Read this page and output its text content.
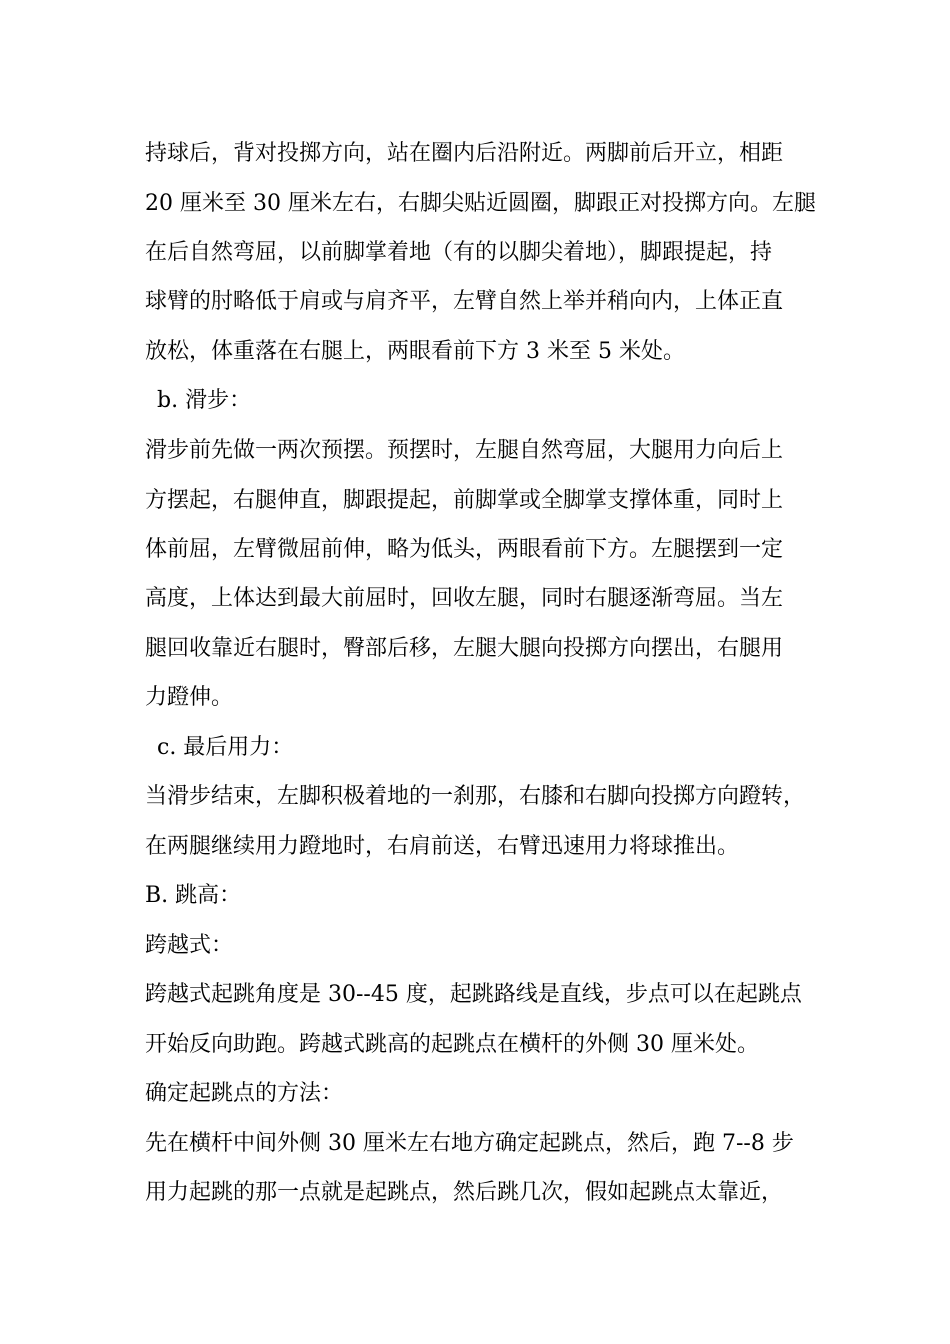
持球后，背对投掷方向，站在圈内后沿附近。两脚前后开立，相距
20 厘米至 30 厘米左右，右脚尖贴近圆圈，脚跟正对投掷方向。左腿
在后自然弯屈，以前脚掌着地（有的以脚尖着地），脚跟提起，持
球臂的肘略低于肩或与肩齐平，左臂自然上举并稍向内，上体正直
放松，体重落在右腿上，两眼看前下方 3 米至 5 米处。
b. 滑步：
滑步前先做一两次预摆。预摆时，左腿自然弯屈，大腿用力向后上
方摆起，右腿伸直，脚跟提起，前脚掌或全脚掌支撑体重，同时上
体前屈，左臂微屈前伸，略为低头，两眼看前下方。左腿摆到一定
高度，上体达到最大前屈时，回收左腿，同时右腿逐渐弯屈。当左
腿回收靠近右腿时，臀部后移，左腿大腿向投掷方向摆出，右腿用
力蹬伸。
c. 最后用力：
当滑步结束，左脚积极着地的一刹那，右膝和右脚向投掷方向蹬转，
在两腿继续用力蹬地时，右肩前送，右臂迅速用力将球推出。
B. 跳高：
跨越式：
跨越式起跳角度是 30--45 度，起跳路线是直线，步点可以在起跳点
开始反向助跑。跨越式跳高的起跳点在横杆的外侧 30 厘米处。
确定起跳点的方法：
先在横杆中间外侧 30 厘米左右地方确定起跳点，然后，跑 7--8 步
用力起跳的那一点就是起跳点，然后跳几次，假如起跳点太靠近，
